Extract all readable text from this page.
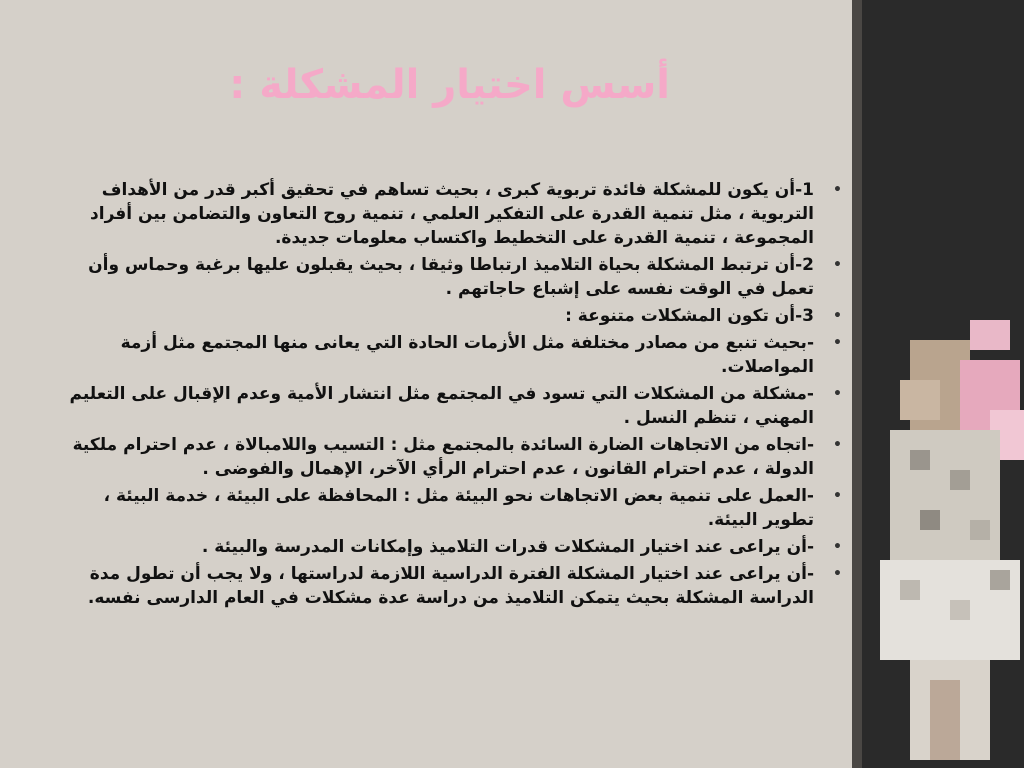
أسس اختيار المشكلة :
•
1-أن يكون للمشكلة فائدة تربوية كبرى ، بحيث تساهم في تحقيق أكبر قدر من الأهداف التربوية ، مثل تنمية القدرة على التفكير العلمي ، تنمية روح التعاون والتضامن بين أفراد المجموعة ، تنمية القدرة على التخطيط واكتساب معلومات جديدة.
•
2-أن ترتبط المشكلة بحياة التلاميذ ارتباطا وثيقا ، بحيث يقبلون عليها برغبة وحماس وأن تعمل في الوقت نفسه على إشباع حاجاتهم .
•
3-أن تكون المشكلات متنوعة :
•
-بحيث تنبع من مصادر مختلفة مثل الأزمات الحادة التي يعانى منها المجتمع مثل أزمة المواصلات.
•
-مشكلة من المشكلات التي تسود في المجتمع مثل انتشار الأمية وعدم الإقبال على التعليم المهني ، تنظم النسل .
•
-اتجاه من الاتجاهات الضارة السائدة بالمجتمع مثل : التسيب واللامبالاة ، عدم احترام ملكية الدولة ، عدم احترام القانون ، عدم احترام الرأي الآخر، الإهمال والفوضى .
•
-العمل على تنمية بعض الاتجاهات نحو البيئة مثل : المحافظة على البيئة ، خدمة البيئة ، تطوير البيئة.
•
-أن يراعى عند اختيار المشكلات قدرات التلاميذ وإمكانات المدرسة والبيئة .
•
-أن يراعى عند اختيار المشكلة الفترة الدراسية اللازمة لدراستها ، ولا يجب أن تطول مدة الدراسة المشكلة بحيث يتمكن التلاميذ من دراسة عدة مشكلات في العام الدارسى نفسه.
